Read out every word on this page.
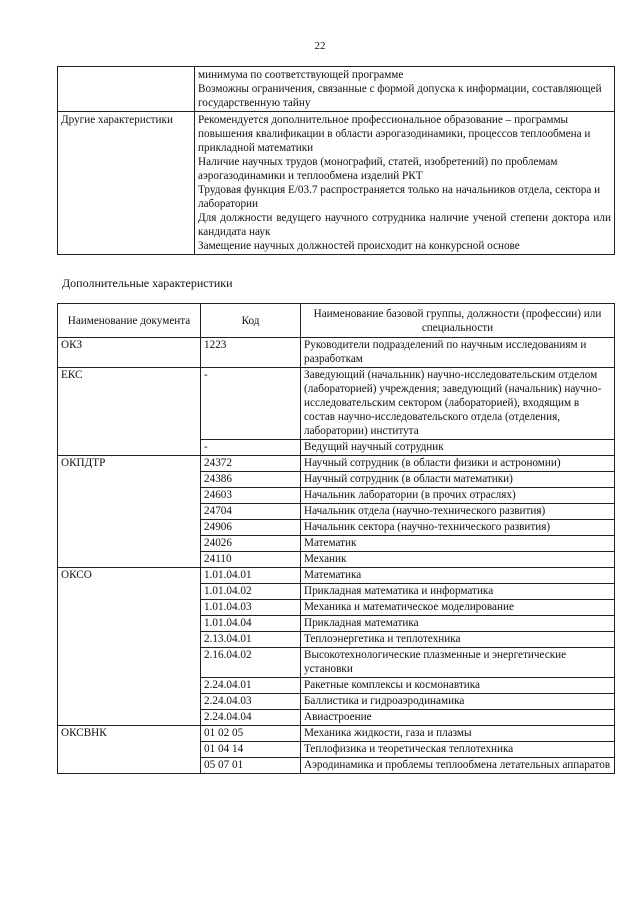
22

	минимума по соответствующей программе
Возможны ограничения, связанные с формой допуска к информации, составляющей государственную тайну

Другие характеристики	Рекомендуется дополнительное профессиональное образование – программы повышения квалификации в области аэрогазодинамики, процессов теплообмена и прикладной математики
Наличие научных трудов (монографий, статей, изобретений) по проблемам аэрогазодинамики и теплообмена изделий РКТ
Трудовая функция Е/03.7 распространяется только на начальников отдела, сектора и лаборатории
Для должности ведущего научного сотрудника наличие ученой степени доктора или кандидата наук
Замещение научных должностей происходит на конкурсной основе
Дополнительные характеристики
Наименование документа	Код	Наименование базовой группы, должности (профессии) или специальности
ОКЗ	1223	Руководители подразделений по научным исследованиям и разработкам
ЕКС	-	Заведующий (начальник) научно-исследовательским отделом (лабораторией) учреждения; заведующий (начальник) научно-исследовательским сектором (лабораторией), входящим в состав научно-исследовательского отдела (отделения, лаборатории) института
	-	Ведущий научный сотрудник
ОКПДТР	24372	Научный сотрудник (в области физики и астрономии)
	24386	Научный сотрудник (в области математики)
	24603	Начальник лаборатории (в прочих отраслях)
	24704	Начальник отдела (научно-технического развития)
	24906	Начальник сектора (научно-технического развития)
	24026	Математик
	24110	Механик
ОКСО	1.01.04.01	Математика
	1.01.04.02	Прикладная математика и информатика
	1.01.04.03	Механика и математическое моделирование
	1.01.04.04	Прикладная математика
	2.13.04.01	Теплоэнергетика и теплотехника
	2.16.04.02	Высокотехнологические плазменные и энергетические установки
	2.24.04.01	Ракетные комплексы и космонавтика
	2.24.04.03	Баллистика и гидроаэродинамика
	2.24.04.04	Авиастроение
ОКСВНК	01 02 05	Механика жидкости, газа и плазмы
	01 04 14	Теплофизика и теоретическая теплотехника
	05 07 01	Аэродинамика и проблемы теплообмена летательных аппаратов
